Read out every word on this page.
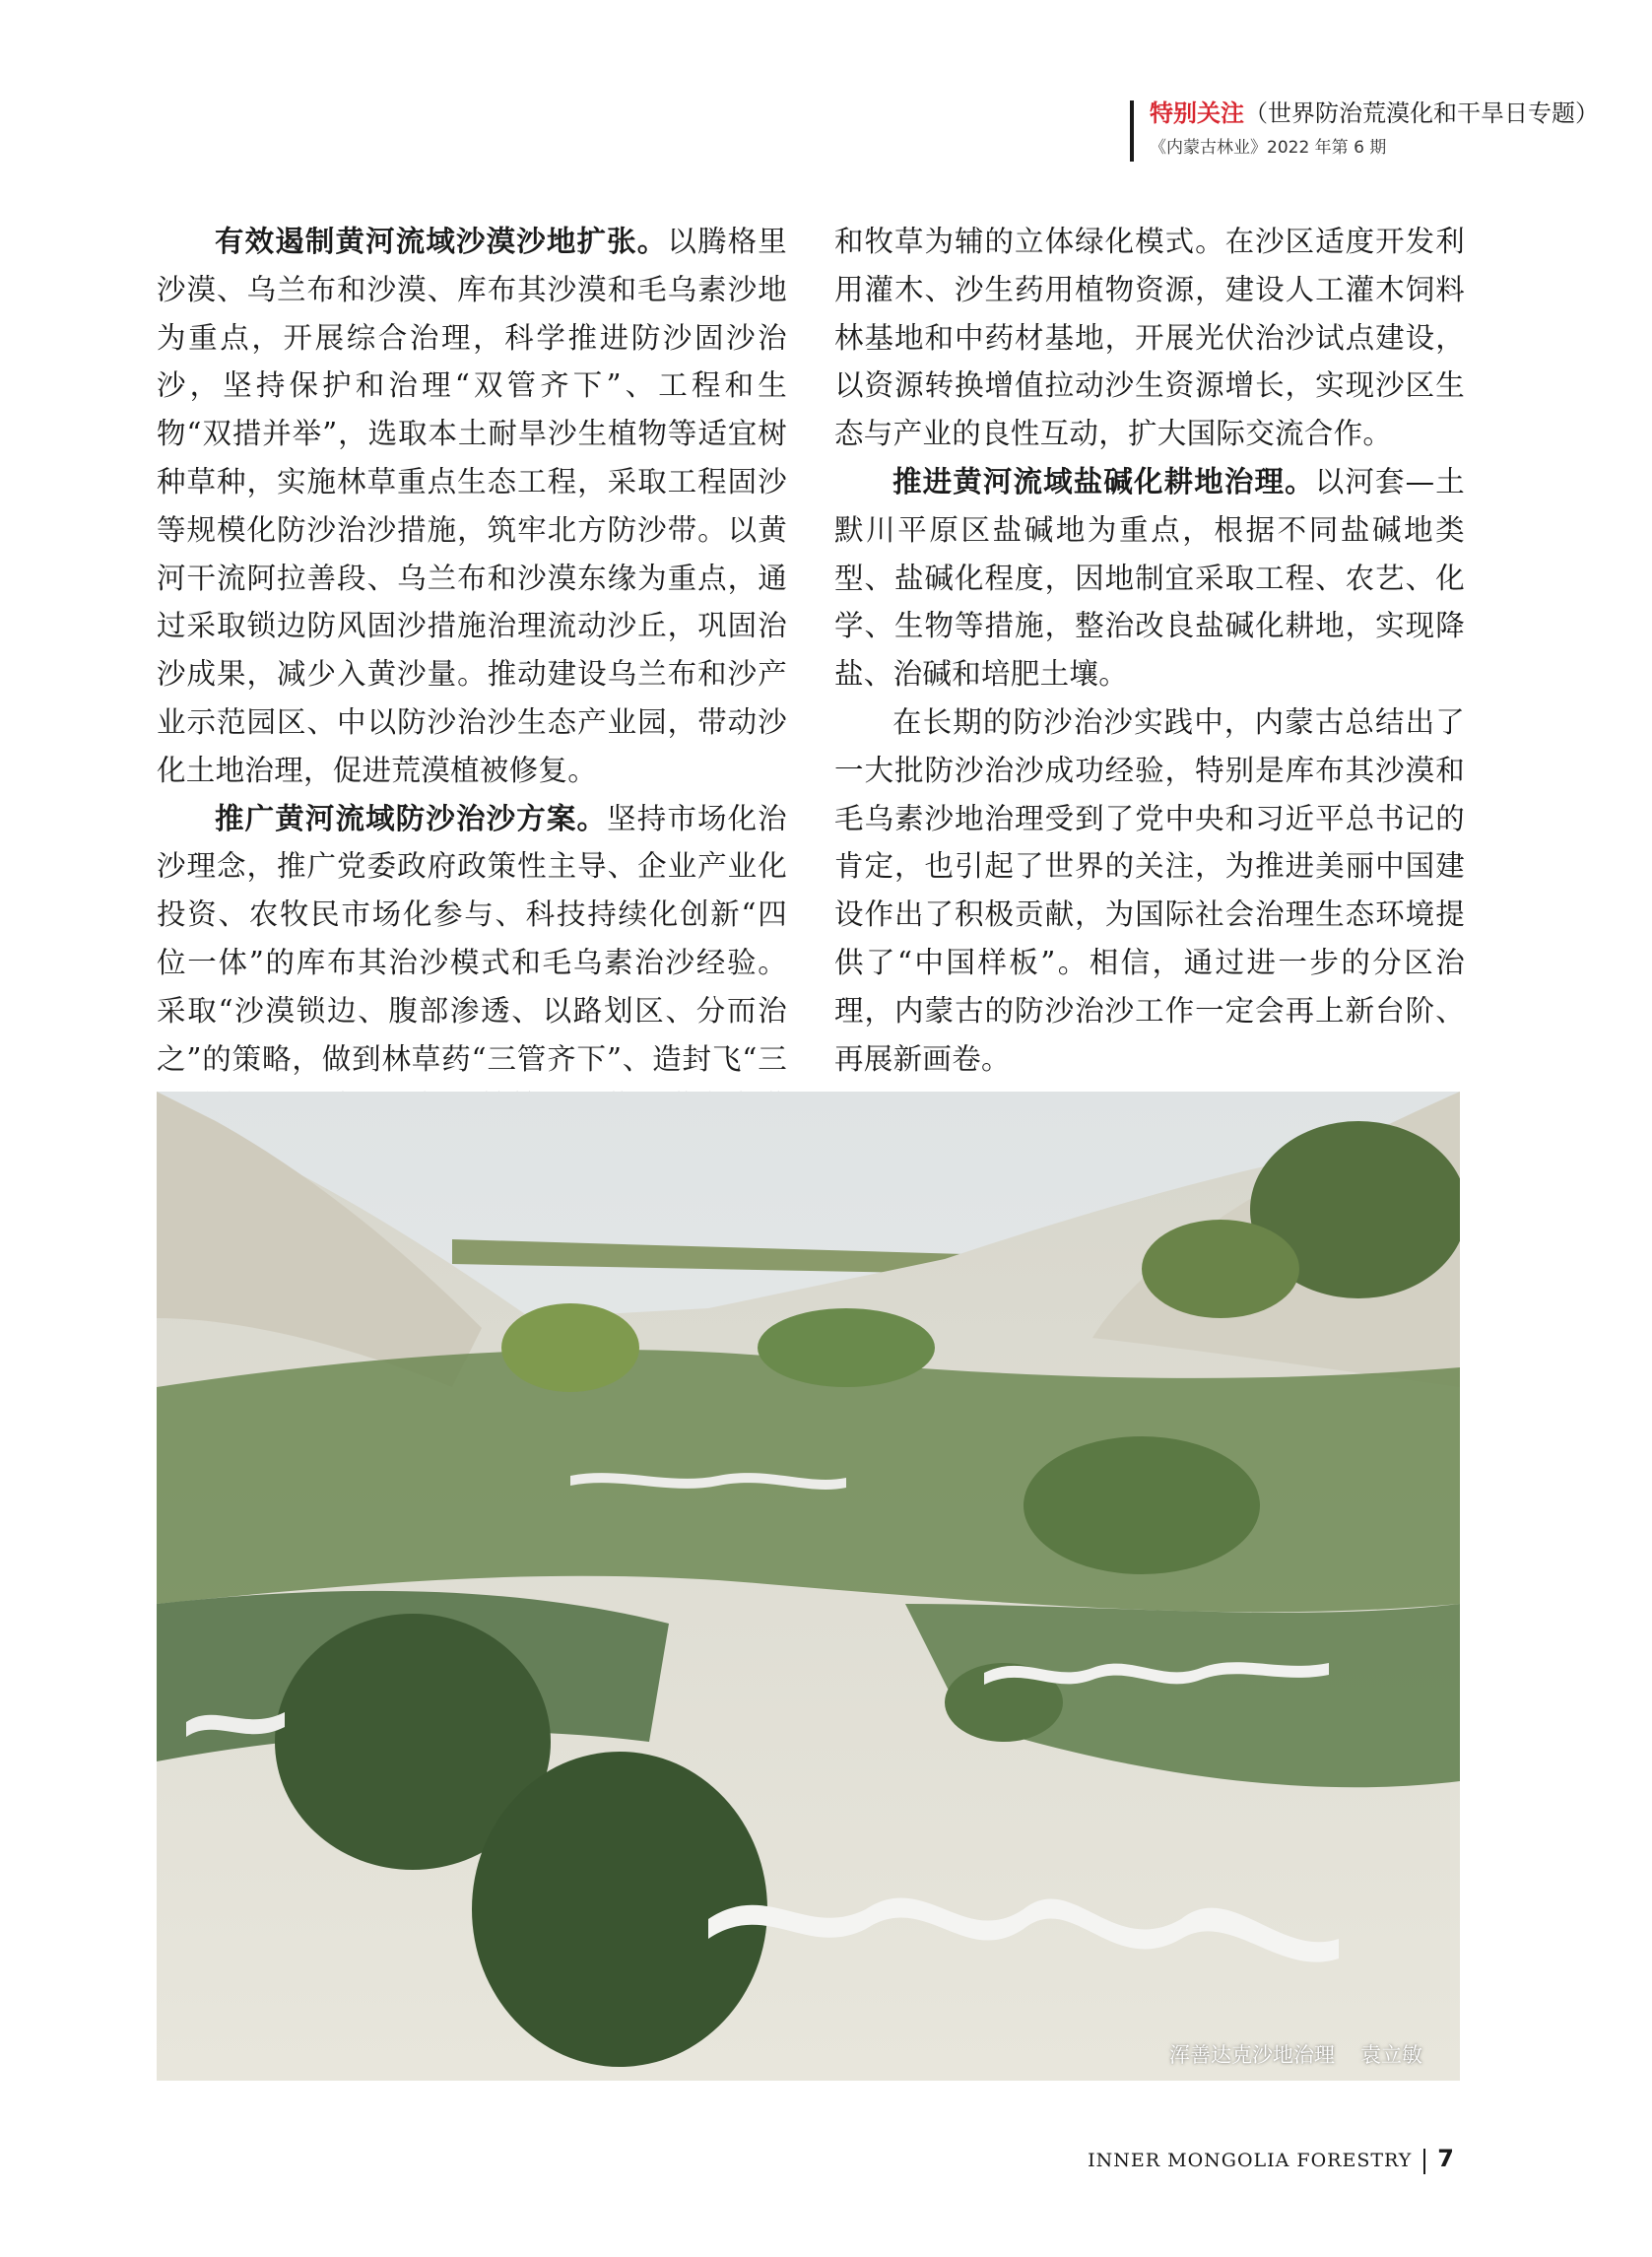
特别关注（世界防治荒漠化和干旱日专题）
《内蒙古林业》2022 年第 6 期

有效遏制黄河流域沙漠沙地扩张。以腾格里沙漠、乌兰布和沙漠、库布其沙漠和毛乌素沙地为重点，开展综合治理，科学推进防沙固沙治沙，坚持保护和治理“双管齐下”、工程和生物“双措并举”，选取本土耐旱沙生植物等适宜树种草种，实施林草重点生态工程，采取工程固沙等规模化防沙治沙措施，筑牢北方防沙带。以黄河干流阿拉善段、乌兰布和沙漠东缘为重点，通过采取锁边防风固沙措施治理流动沙丘，巩固治沙成果，减少入黄沙量。推动建设乌兰布和沙产业示范园区、中以防沙治沙生态产业园，带动沙化土地治理，促进荒漠植被修复。

推广黄河流域防沙治沙方案。坚持市场化治沙理念，推广党委政府政策性主导、企业产业化投资、农牧民市场化参与、科技持续化创新“四位一体”的库布其治沙模式和毛乌素治沙经验。采取“沙漠锁边、腹部渗透、以路划区、分而治之”的策略，做到林草药“三管齐下”、造封飞“三

和牧草为辅的立体绿化模式。在沙区适度开发利用灌木、沙生药用植物资源，建设人工灌木饲料林基地和中药材基地，开展光伏治沙试点建设，以资源转换增值拉动沙生资源增长，实现沙区生态与产业的良性互动，扩大国际交流合作。

推进黄河流域盐碱化耕地治理。以河套—土默川平原区盐碱地为重点，根据不同盐碱地类型、盐碱化程度，因地制宜采取工程、农艺、化学、生物等措施，整治改良盐碱化耕地，实现降盐、治碱和培肥土壤。

在长期的防沙治沙实践中，内蒙古总结出了一大批防沙治沙成功经验，特别是库布其沙漠和毛乌素沙地治理受到了党中央和习近平总书记的肯定，也引起了世界的关注，为推进美丽中国建设作出了积极贡献，为国际社会治理生态环境提供了“中国样板”。相信，通过进一步的分区治理，内蒙古的防沙治沙工作一定会再上新台阶、再展新画卷。

浑善达克沙地治理 袁立敏
INNER MONGOLIA FORESTRY 7
